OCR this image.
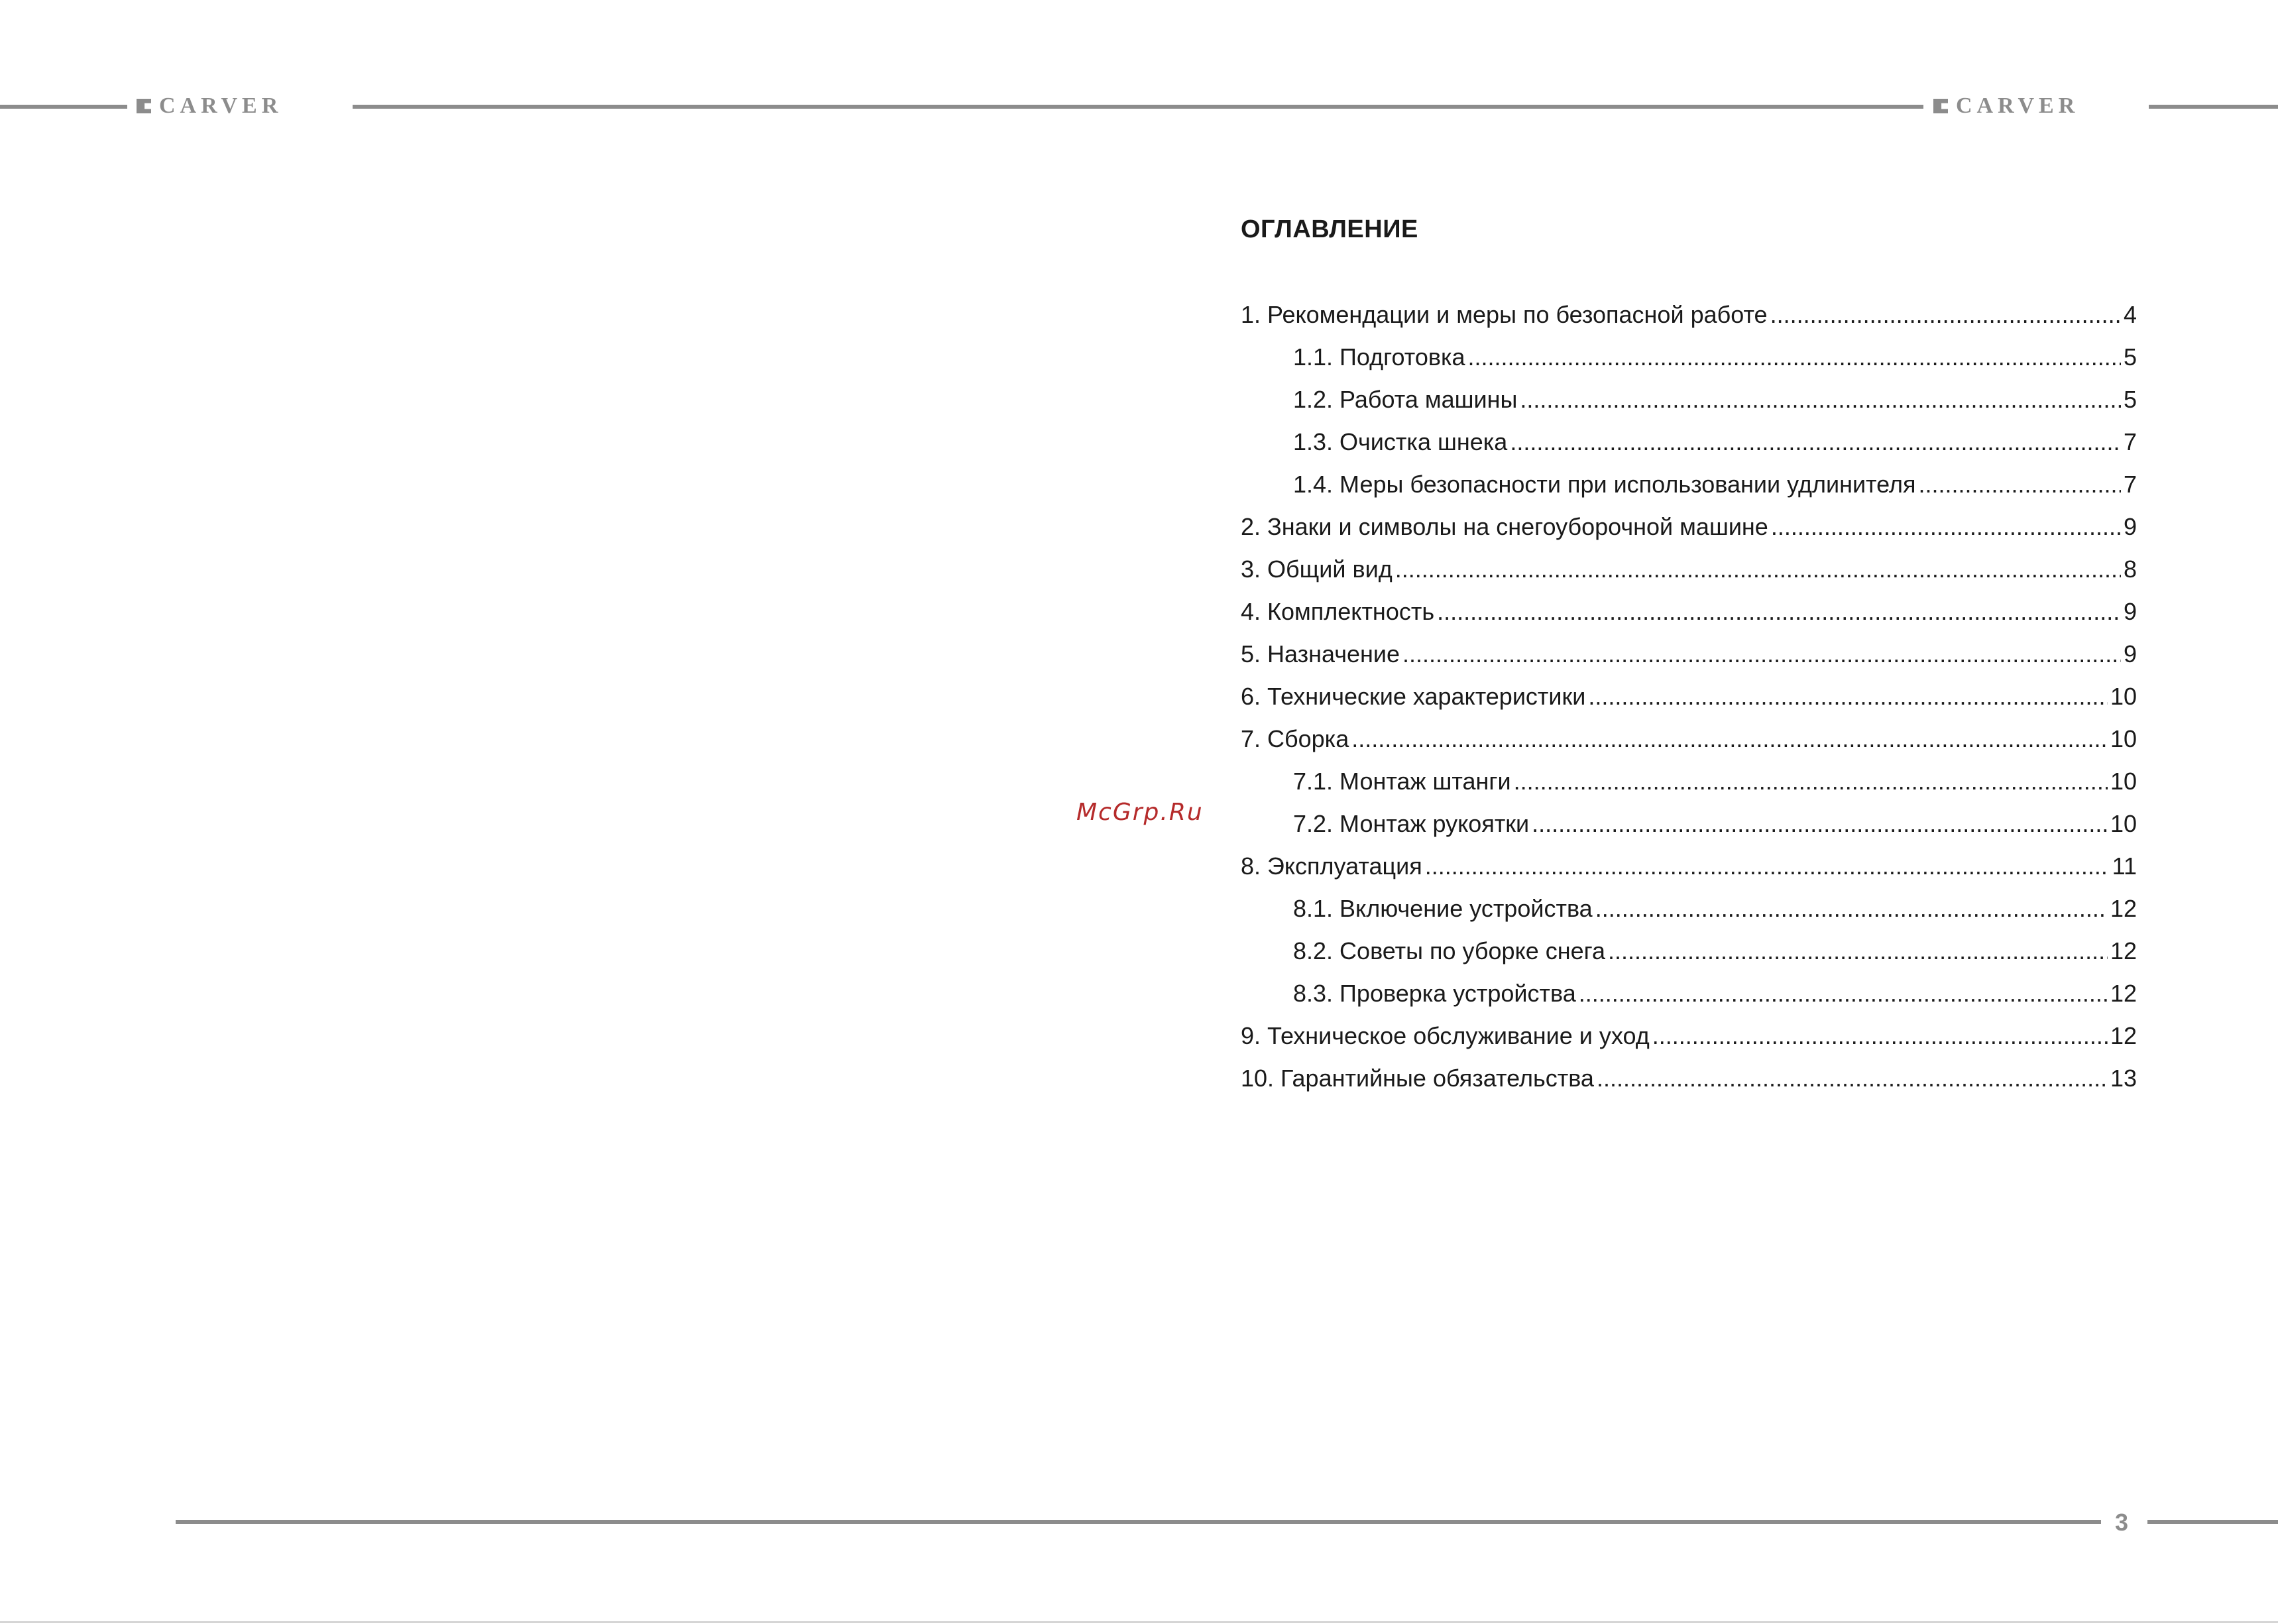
CARVER	CARVER
McGrp.Ru
ОГЛАВЛЕНИЕ
1. Рекомендации и меры по безопасной работе .....	4
1.1. Подготовка .....	5
1.2. Работа машины .....	5
1.3. Очистка шнека .....	7
1.4. Меры безопасности при использовании удлинителя .....	7
2. Знаки и символы на снегоуборочной машине .....	9
3. Общий вид .....	8
4. Комплектность .....	9
5. Назначение .....	9
6. Технические характеристики .....	10
7. Сборка .....	10
7.1. Монтаж штанги .....	10
7.2. Монтаж рукоятки .....	10
8. Эксплуатация .....	11
8.1. Включение устройства .....	12
8.2. Советы по уборке снега .....	12
8.3. Проверка устройства .....	12
9. Техническое обслуживание и уход .....	12
10. Гарантийные обязательства .....	13
3
